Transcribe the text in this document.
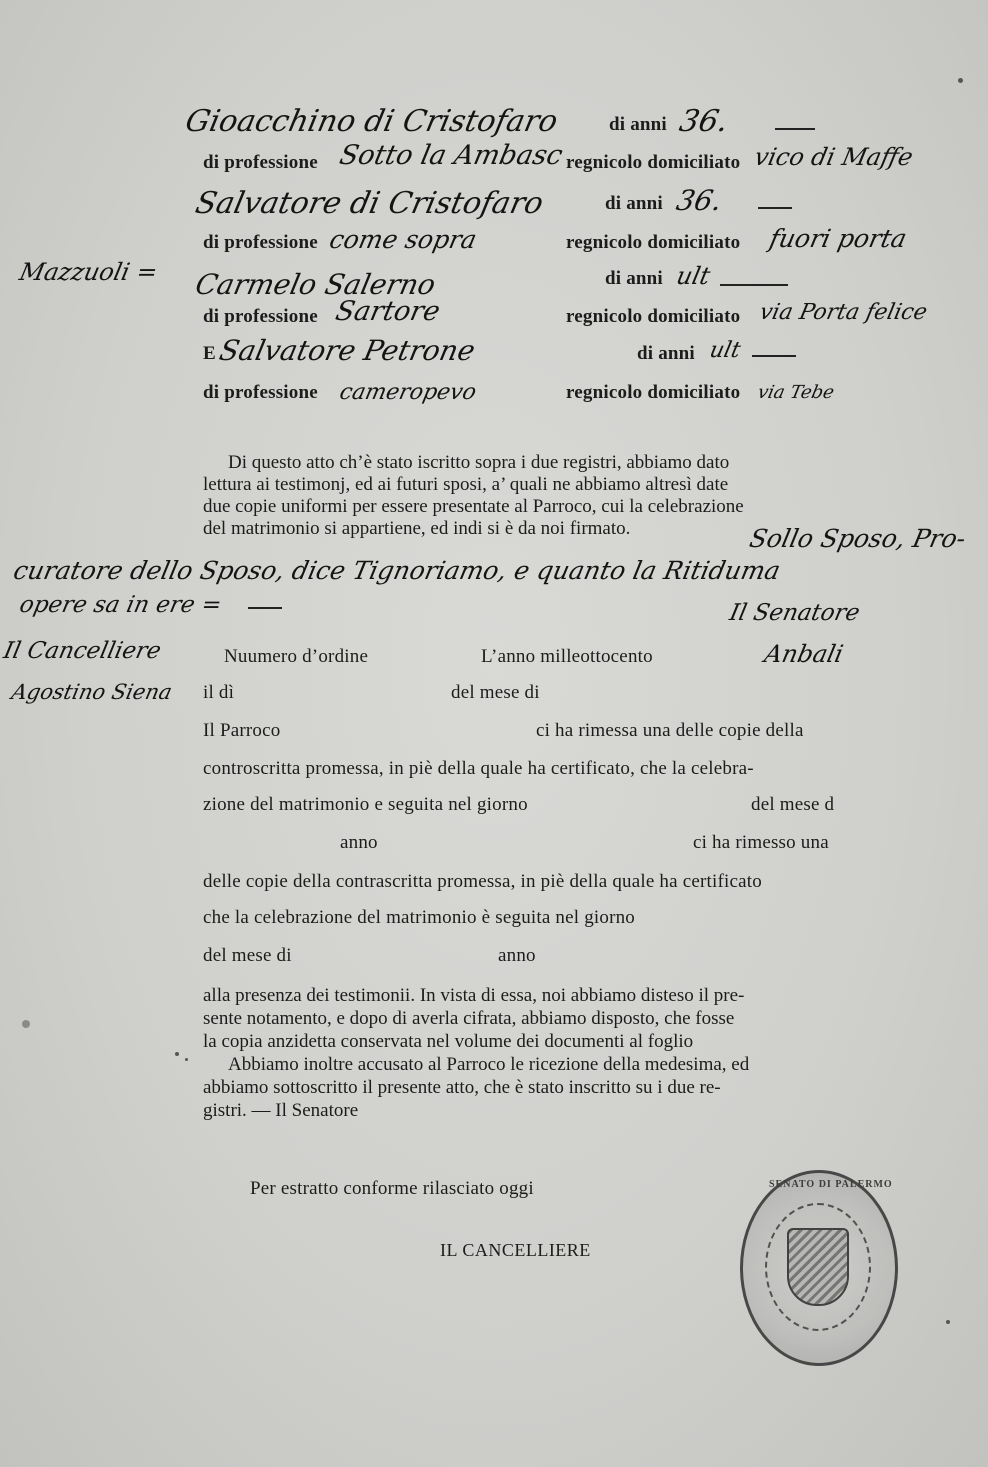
Gioacchino di Cristofaro	di anni 36.
di professione Sotto la Ambasc regnicolo domiciliato vico di Maffe
Salvatore di Cristofaro	di anni 36.
di professione come sopra	regnicolo domiciliato fuori porta
Mazzuoli = Carmelo Salerno	di anni ult
di professione Sartore	regnicolo domiciliato via Porta felice
E Salvatore Petrone	di anni ult
di professione cameropevo	regnicolo domiciliato via Tebe
Di questo atto ch’è stato iscritto sopra i due registri, abbiamo dato
lettura ai testimonj, ed ai futuri sposi, a’ quali ne abbiamo altresì date
due copie uniformi per essere presentate al Parroco, cui la celebrazione
del matrimonio si appartiene, ed indi si è da noi firmato.	Sollo Sposo, Pro-
curatore dello Sposo, dice Tignoriamo, e quanto la Ritiduma
opere sa in ere =	Il Senatore
Anbali
Il Cancelliere
Agostino Siena
Nuumero d’ordine	L’anno milleottocento
il dì	del mese di
Il Parroco	ci ha rimessa una delle copie della
controscritta promessa, in piè della quale ha certificato, che la celebra-
zione del matrimonio e seguita nel giorno	del mese d
anno	ci ha rimesso una
delle copie della contrascritta promessa, in piè della quale ha certificato
che la celebrazione del matrimonio è seguita nel giorno
del mese di	anno
alla presenza dei testimonii. In vista di essa, noi abbiamo disteso il pre-
sente notamento, e dopo di averla cifrata, abbiamo disposto, che fosse
la copia anzidetta conservata nel volume dei documenti al foglio
Abbiamo inoltre accusato al Parroco le ricezione della medesima, ed
abbiamo sottoscritto il presente atto, che è stato inscritto su i due re-
gistri. — Il Senatore
Per estratto conforme rilasciato oggi
IL CANCELLIERE
SENATO DI PALERMO
